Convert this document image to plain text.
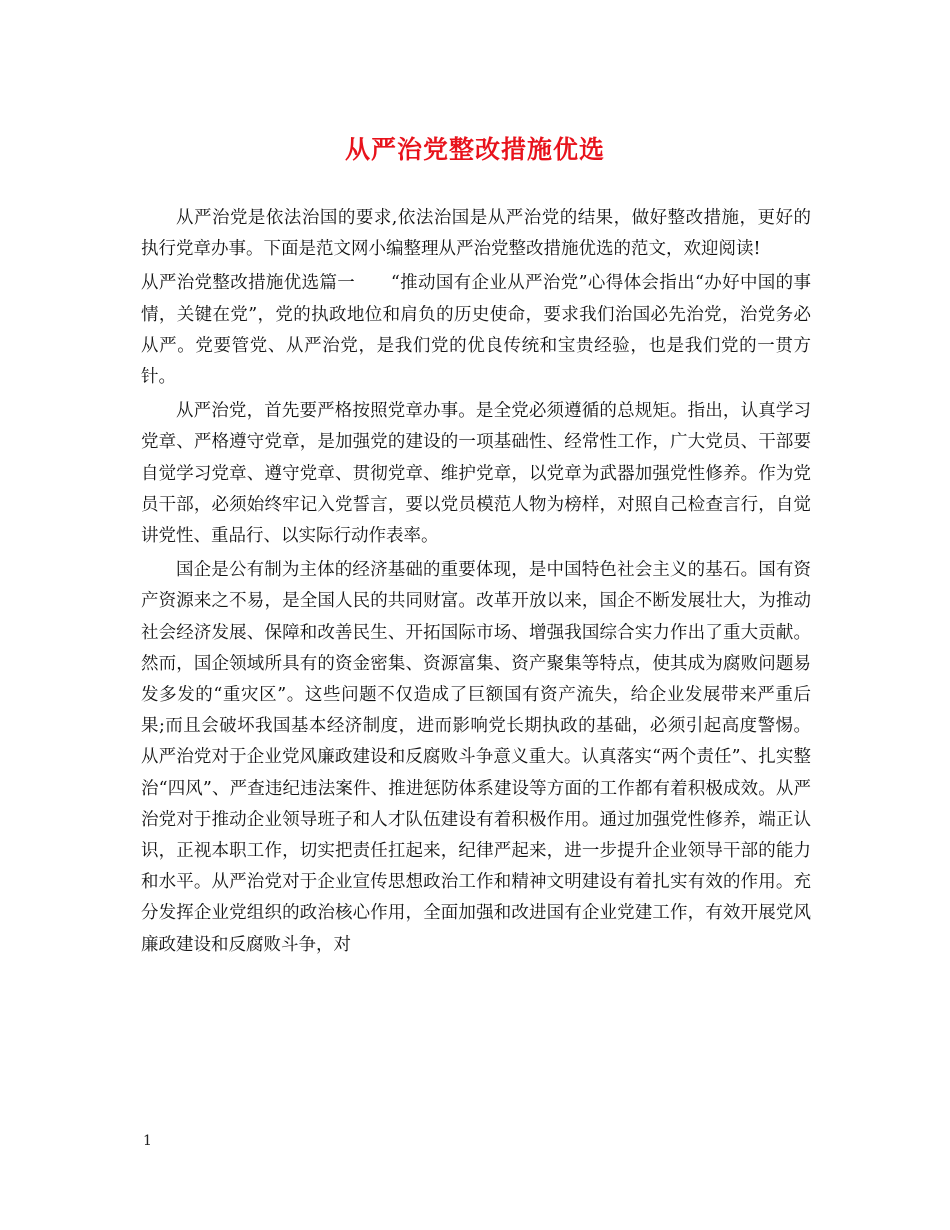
从严治党整改措施优选

从严治党是依法治国的要求,依法治国是从严治党的结果，做好整改措施，更好的执行党章办事。下面是范文网小编整理从严治党整改措施优选的范文，欢迎阅读!

从严治党整改措施优选篇一　　“推动国有企业从严治党”心得体会指出“办好中国的事情，关键在党”，党的执政地位和肩负的历史使命，要求我们治国必先治党，治党务必从严。党要管党、从严治党，是我们党的优良传统和宝贵经验，也是我们党的一贯方针。

从严治党，首先要严格按照党章办事。是全党必须遵循的总规矩。指出，认真学习党章、严格遵守党章，是加强党的建设的一项基础性、经常性工作，广大党员、干部要自觉学习党章、遵守党章、贯彻党章、维护党章，以党章为武器加强党性修养。作为党员干部，必须始终牢记入党誓言，要以党员模范人物为榜样，对照自己检查言行，自觉讲党性、重品行、以实际行动作表率。

国企是公有制为主体的经济基础的重要体现，是中国特色社会主义的基石。国有资产资源来之不易，是全国人民的共同财富。改革开放以来，国企不断发展壮大，为推动社会经济发展、保障和改善民生、开拓国际市场、增强我国综合实力作出了重大贡献。然而，国企领域所具有的资金密集、资源富集、资产聚集等特点，使其成为腐败问题易发多发的“重灾区”。这些问题不仅造成了巨额国有资产流失，给企业发展带来严重后果;而且会破坏我国基本经济制度，进而影响党长期执政的基础，必须引起高度警惕。从严治党对于企业党风廉政建设和反腐败斗争意义重大。认真落实“两个责任”、扎实整治“四风”、严查违纪违法案件、推进惩防体系建设等方面的工作都有着积极成效。从严治党对于推动企业领导班子和人才队伍建设有着积极作用。通过加强党性修养，端正认识，正视本职工作，切实把责任扛起来，纪律严起来，进一步提升企业领导干部的能力和水平。从严治党对于企业宣传思想政治工作和精神文明建设有着扎实有效的作用。充分发挥企业党组织的政治核心作用，全面加强和改进国有企业党建工作，有效开展党风廉政建设和反腐败斗争，对

1
